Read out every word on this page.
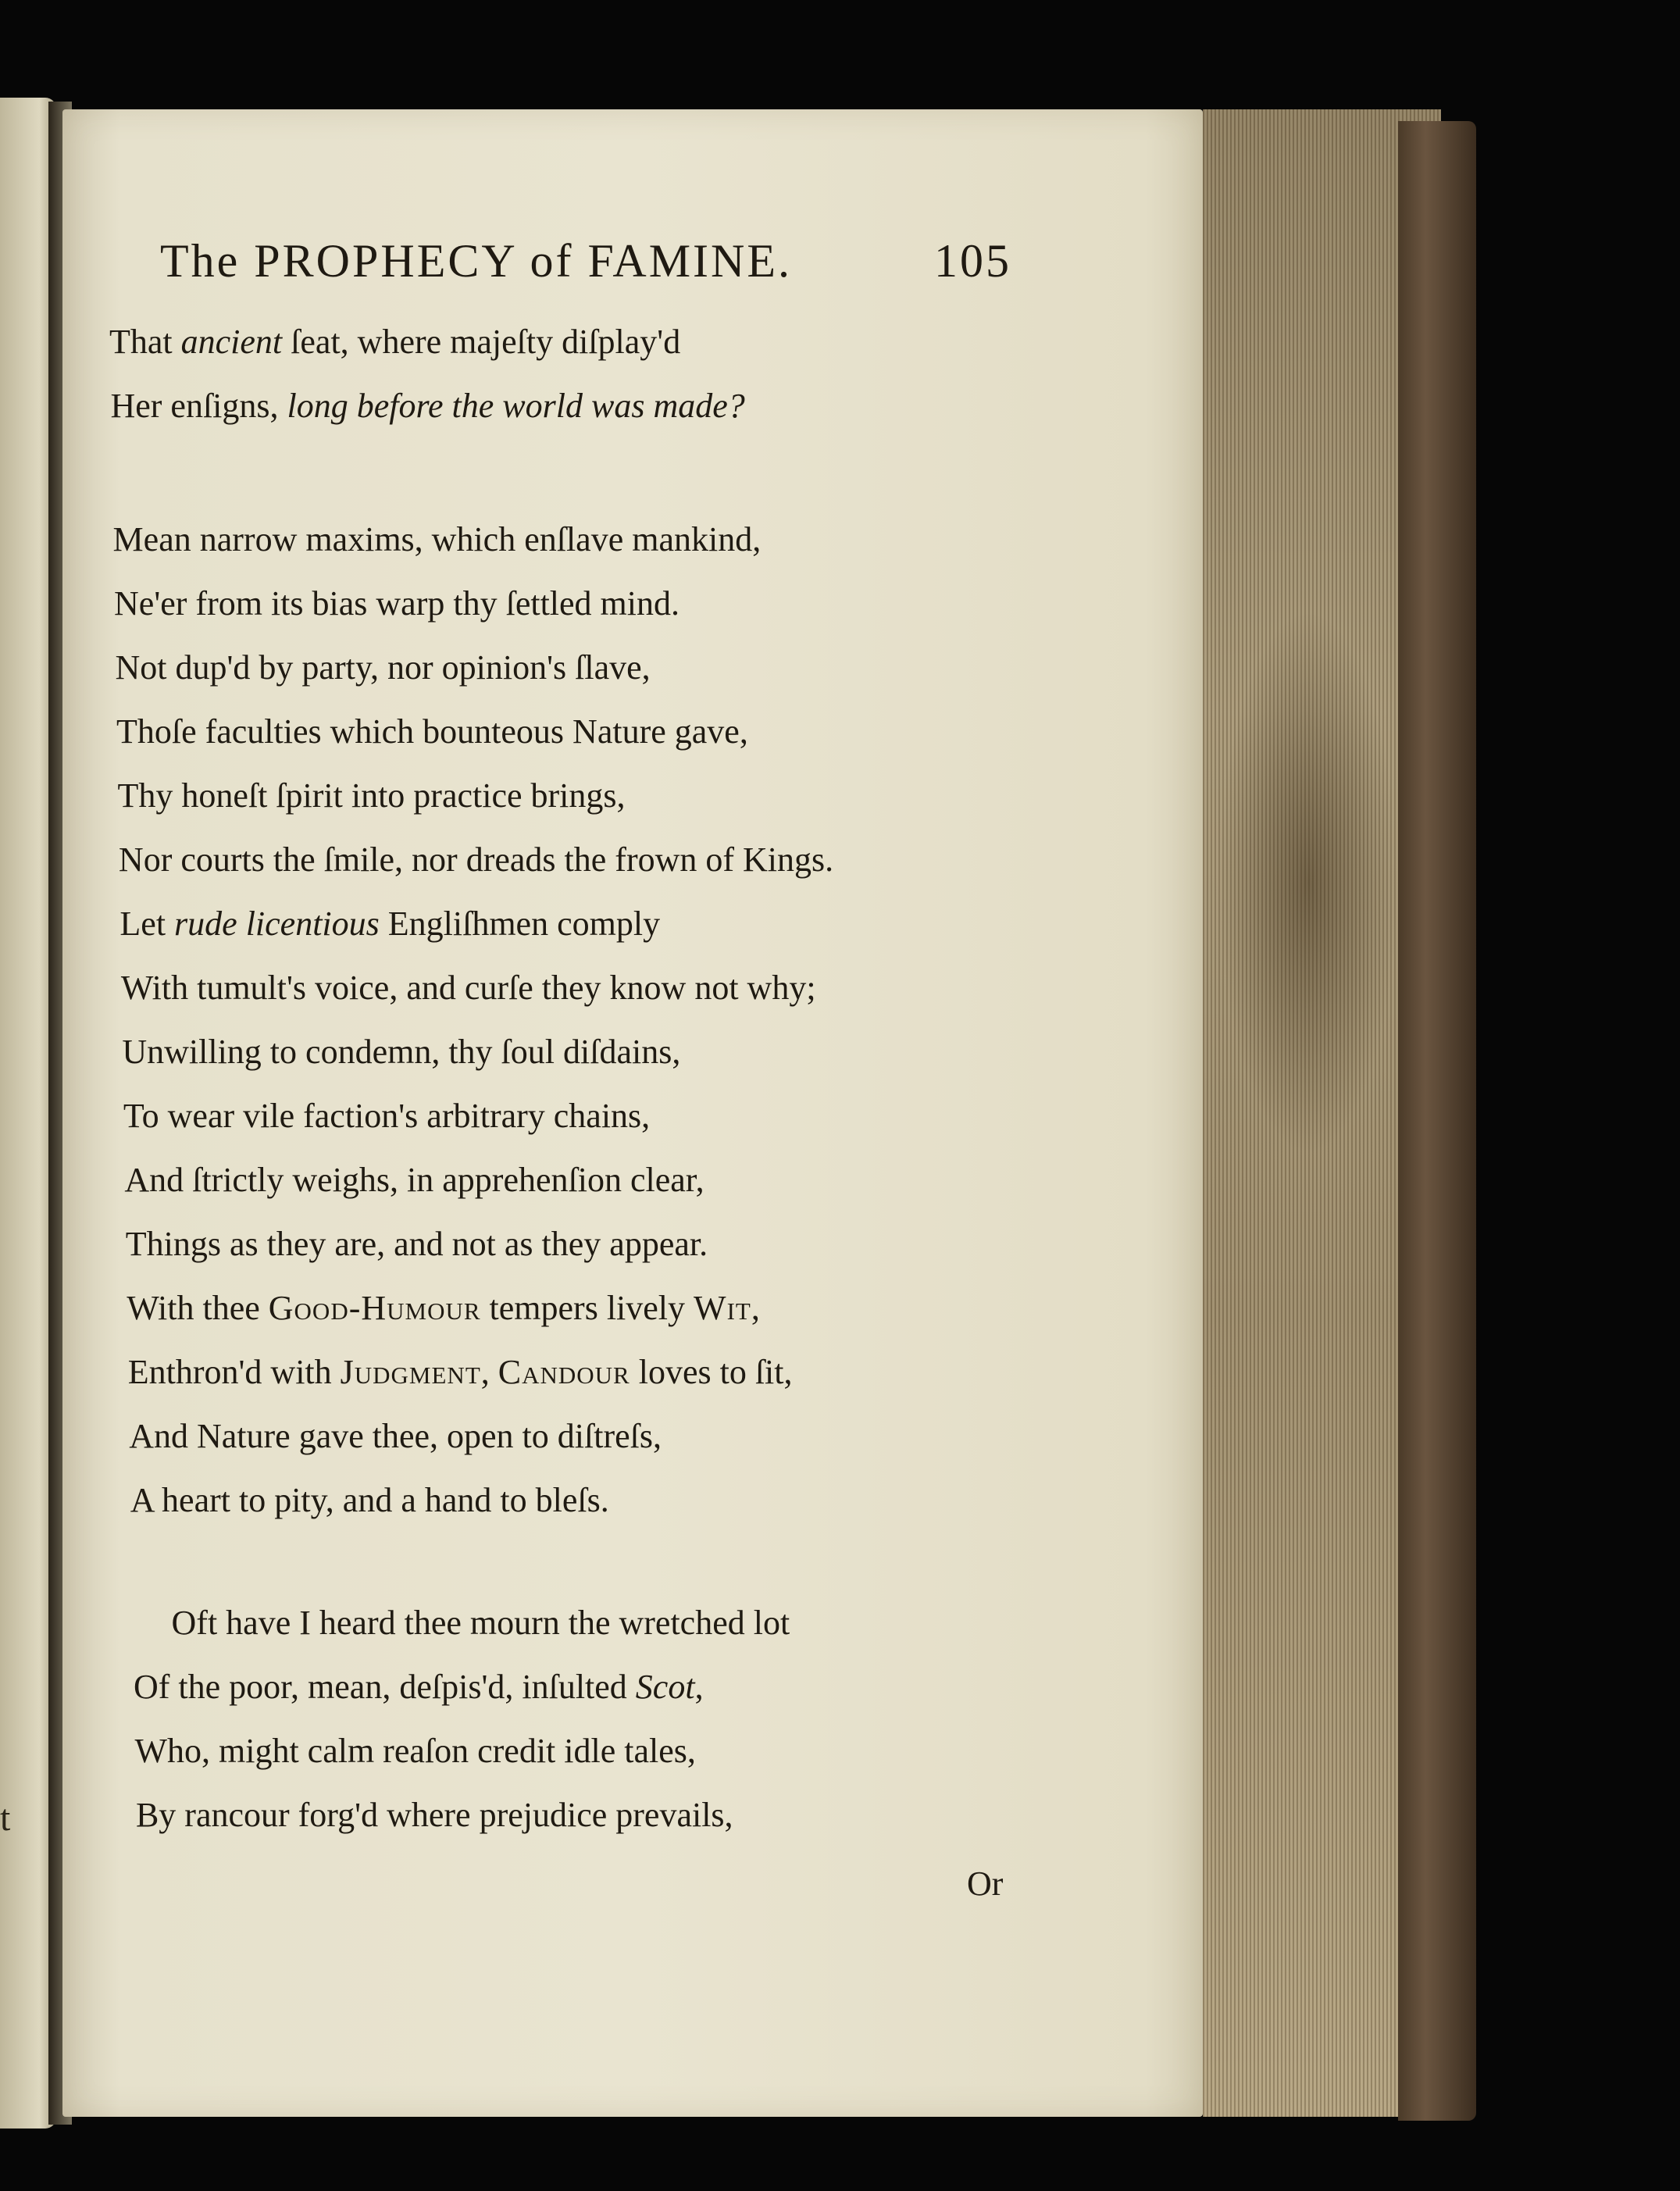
t
The PROPHECY of FAMINE.	105
That ancient ſeat, where majeſty diſplay'd
Her enſigns, long before the world was made?
Mean narrow maxims, which enſlave mankind,
Ne'er from its bias warp thy ſettled mind.
Not dup'd by party, nor opinion's ſlave,
Thoſe faculties which bounteous Nature gave,
Thy honeſt ſpirit into practice brings,
Nor courts the ſmile, nor dreads the frown of Kings.
Let rude licentious Engliſhmen comply
With tumult's voice, and curſe they know not why;
Unwilling to condemn, thy ſoul diſdains,
To wear vile faction's arbitrary chains,
And ſtrictly weighs, in apprehenſion clear,
Things as they are, and not as they appear.
With thee Good-Humour tempers lively Wit,
Enthron'd with Judgment, Candour loves to ſit,
And Nature gave thee, open to diſtreſs,
A heart to pity, and a hand to bleſs.
Oft have I heard thee mourn the wretched lot
Of the poor, mean, deſpis'd, inſulted Scot,
Who, might calm reaſon credit idle tales,
By rancour forg'd where prejudice prevails,
Or
